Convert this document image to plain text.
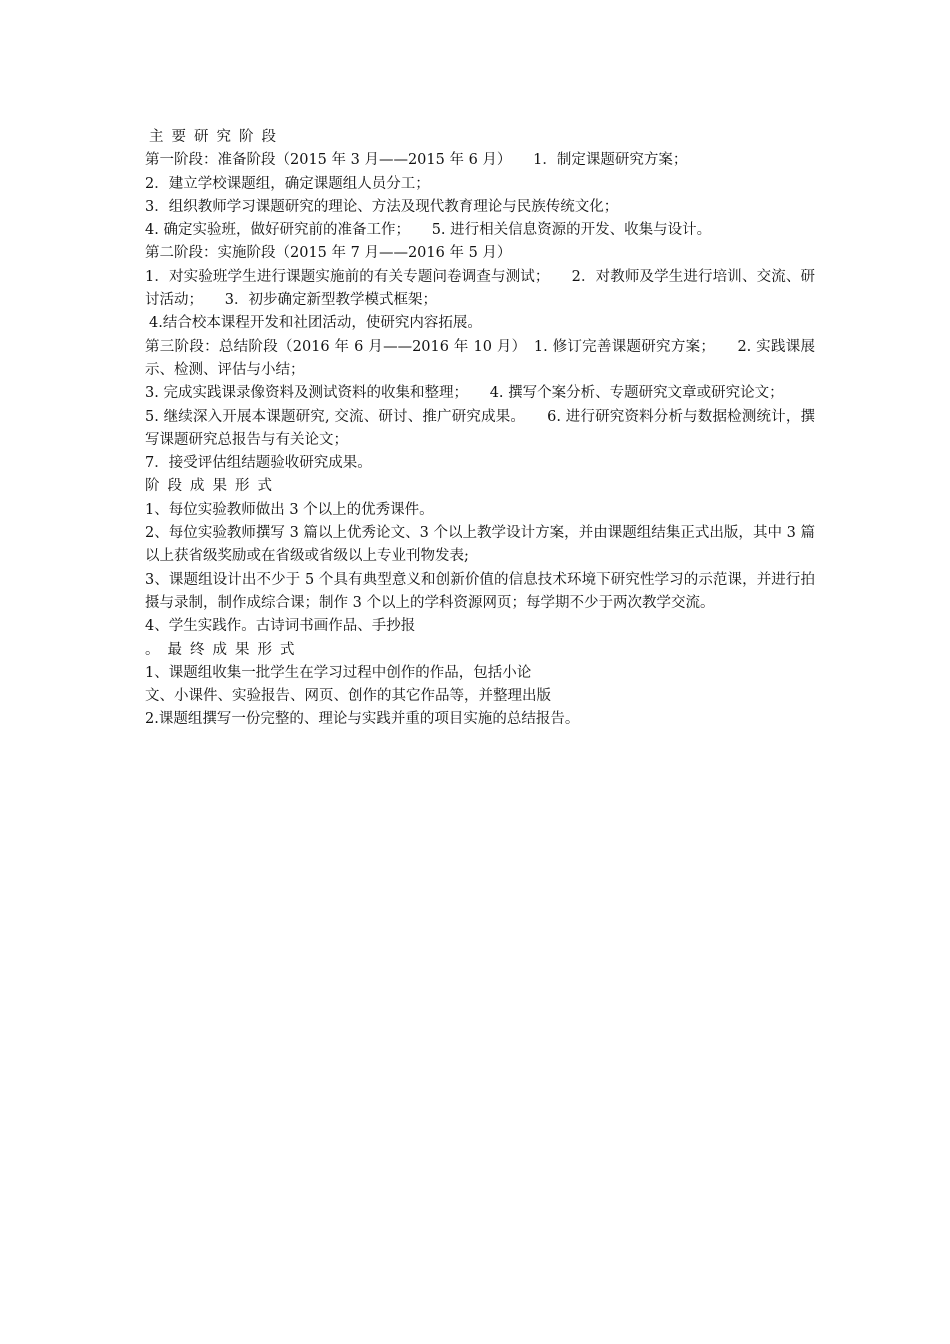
主要研究阶段
第一阶段：准备阶段（2015 年 3 月——2015 年 6 月）　　1．制定课题研究方案；
2．建立学校课题组，确定课题组人员分工；
3．组织教师学习课题研究的理论、方法及现代教育理论与民族传统文化；
4. 确定实验班，做好研究前的准备工作；　　5. 进行相关信息资源的开发、收集与设计。
第二阶段：实施阶段（2015 年 7 月——2016 年 5 月）
1．对实验班学生进行课题实施前的有关专题问卷调查与测试；　　2．对教师及学生进行培训、交流、研讨活动；　　3．初步确定新型教学模式框架；
4.结合校本课程开发和社团活动，使研究内容拓展。
第三阶段：总结阶段（2016 年 6 月——2016 年 10 月）　1. 修订完善课题研究方案；　　2. 实践课展示、检测、评估与小结；
3. 完成实践课录像资料及测试资料的收集和整理；　　4. 撰写个案分析、专题研究文章或研究论文；
5. 继续深入开展本课题研究, 交流、研讨、推广研究成果。　　6. 进行研究资料分析与数据检测统计，撰写课题研究总报告与有关论文；
7．接受评估组结题验收研究成果。
阶段成果形式
1、每位实验教师做出 3 个以上的优秀课件。
2、每位实验教师撰写 3 篇以上优秀论文、3 个以上教学设计方案，并由课题组结集正式出版，其中 3 篇以上获省级奖励或在省级或省级以上专业刊物发表;
3、课题组设计出不少于 5 个具有典型意义和创新价值的信息技术环境下研究性学习的示范课，并进行拍摄与录制，制作成综合课；制作 3 个以上的学科资源网页；每学期不少于两次教学交流。
4、学生实践作。古诗词书画作品、手抄报
。最终成果形式
1、课题组收集一批学生在学习过程中创作的作品，包括小论
文、小课件、实验报告、网页、创作的其它作品等，并整理出版
2.课题组撰写一份完整的、理论与实践并重的项目实施的总结报告。
